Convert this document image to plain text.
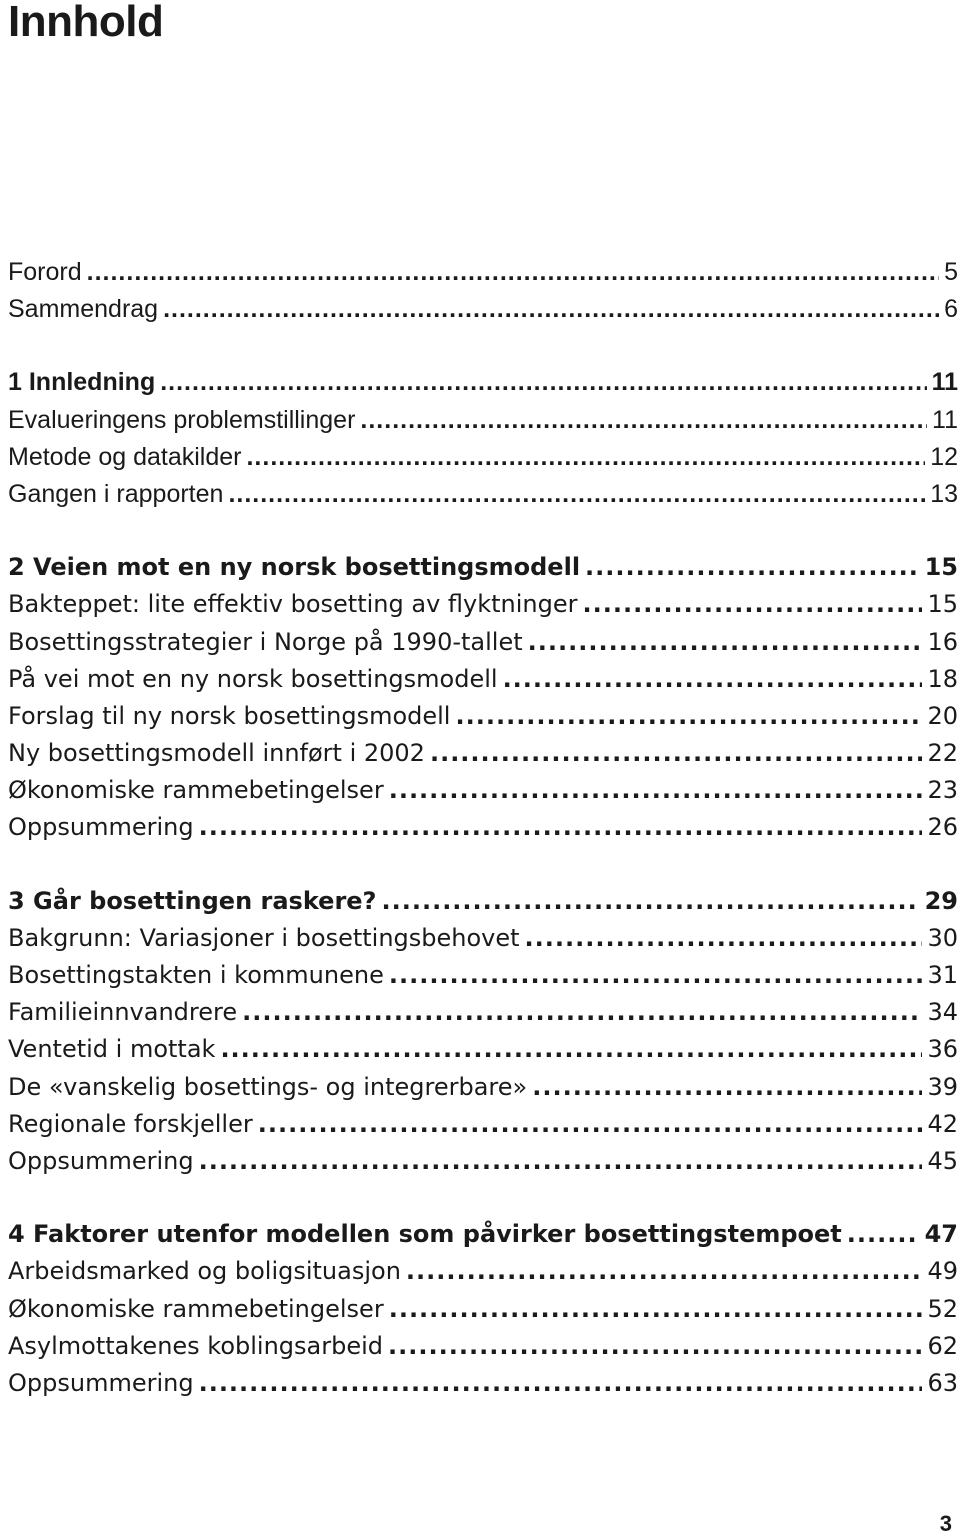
Innhold
Forord .....	5
Sammendrag .....	6
1 Innledning .....	11
Evalueringens problemstillinger .....	11
Metode og datakilder .....	12
Gangen i rapporten .....	13
2 Veien mot en ny norsk bosettingsmodell .....	15
Bakteppet: lite effektiv bosetting av flyktninger .....	15
Bosettingsstrategier i Norge på 1990-tallet .....	16
På vei mot en ny norsk bosettingsmodell .....	18
Forslag til ny norsk bosettingsmodell .....	20
Ny bosettingsmodell innført i 2002 .....	22
Økonomiske rammebetingelser .....	23
Oppsummering .....	26
3 Går bosettingen raskere? .....	29
Bakgrunn: Variasjoner i bosettingsbehovet .....	30
Bosettingstakten i kommunene .....	31
Familieinnvandrere .....	34
Ventetid i mottak .....	36
De «vanskelig bosettings- og integrerbare» .....	39
Regionale forskjeller .....	42
Oppsummering .....	45
4 Faktorer utenfor modellen som påvirker bosettingstempoet .....	47
Arbeidsmarked og boligsituasjon .....	49
Økonomiske rammebetingelser .....	52
Asylmottakenes koblingsarbeid .....	62
Oppsummering .....	63
3
